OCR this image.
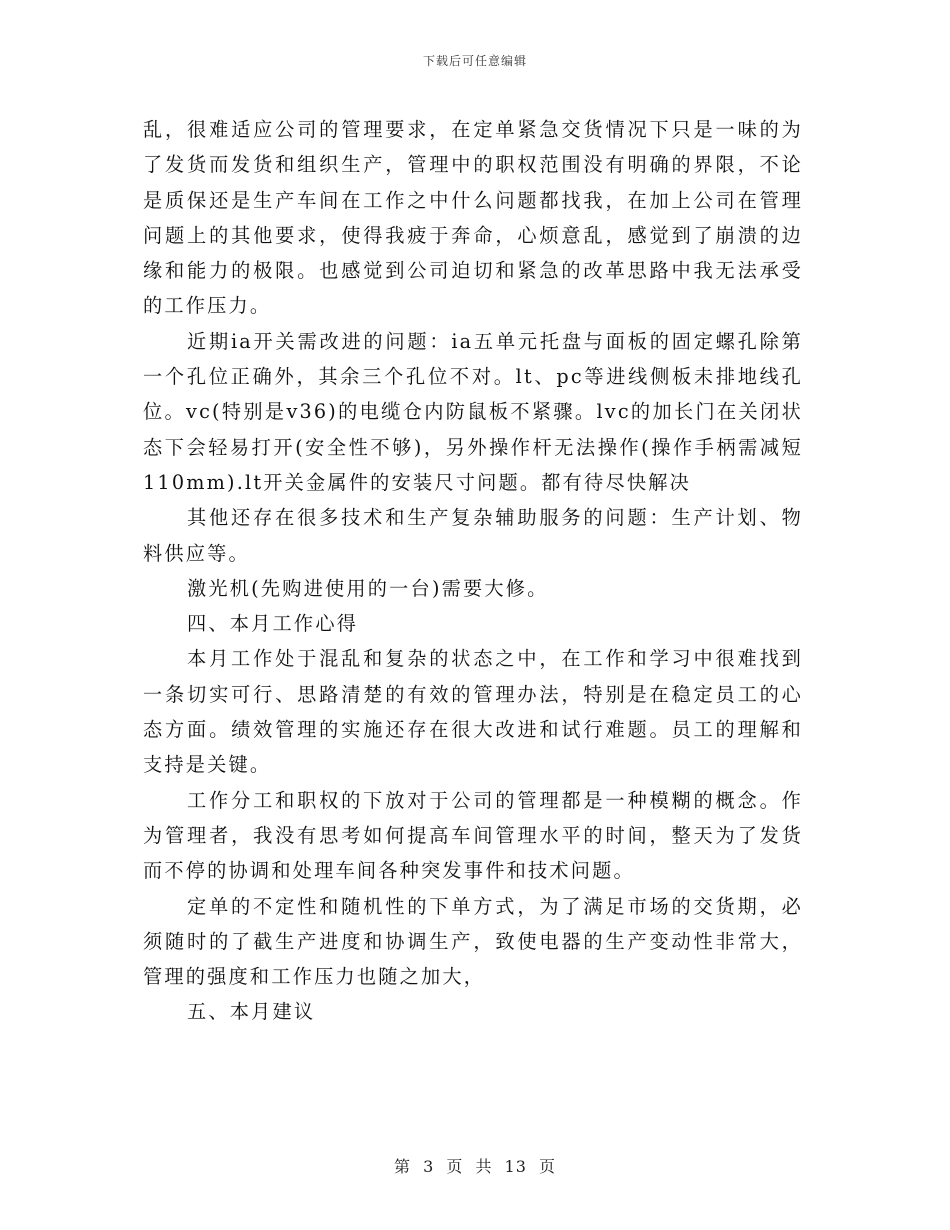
下载后可任意编辑

乱，很难适应公司的管理要求，在定单紧急交货情况下只是一味的为了发货而发货和组织生产，管理中的职权范围没有明确的界限，不论是质保还是生产车间在工作之中什么问题都找我，在加上公司在管理问题上的其他要求，使得我疲于奔命，心烦意乱，感觉到了崩溃的边缘和能力的极限。也感觉到公司迫切和紧急的改革思路中我无法承受的工作压力。

近期ia开关需改进的问题：ia五单元托盘与面板的固定螺孔除第一个孔位正确外，其余三个孔位不对。lt、pc等进线侧板未排地线孔位。vc(特别是v36)的电缆仓内防鼠板不紧骤。lvc的加长门在关闭状态下会轻易打开(安全性不够)，另外操作杆无法操作(操作手柄需减短110mm).lt开关金属件的安装尺寸问题。都有待尽快解决

其他还存在很多技术和生产复杂辅助服务的问题：生产计划、物料供应等。

激光机(先购进使用的一台)需要大修。

四、本月工作心得

本月工作处于混乱和复杂的状态之中，在工作和学习中很难找到一条切实可行、思路清楚的有效的管理办法，特别是在稳定员工的心态方面。绩效管理的实施还存在很大改进和试行难题。员工的理解和支持是关键。

工作分工和职权的下放对于公司的管理都是一种模糊的概念。作为管理者，我没有思考如何提高车间管理水平的时间，整天为了发货而不停的协调和处理车间各种突发事件和技术问题。

定单的不定性和随机性的下单方式，为了满足市场的交货期，必须随时的了截生产进度和协调生产，致使电器的生产变动性非常大，管理的强度和工作压力也随之加大，

五、本月建议

第 3 页 共 13 页
